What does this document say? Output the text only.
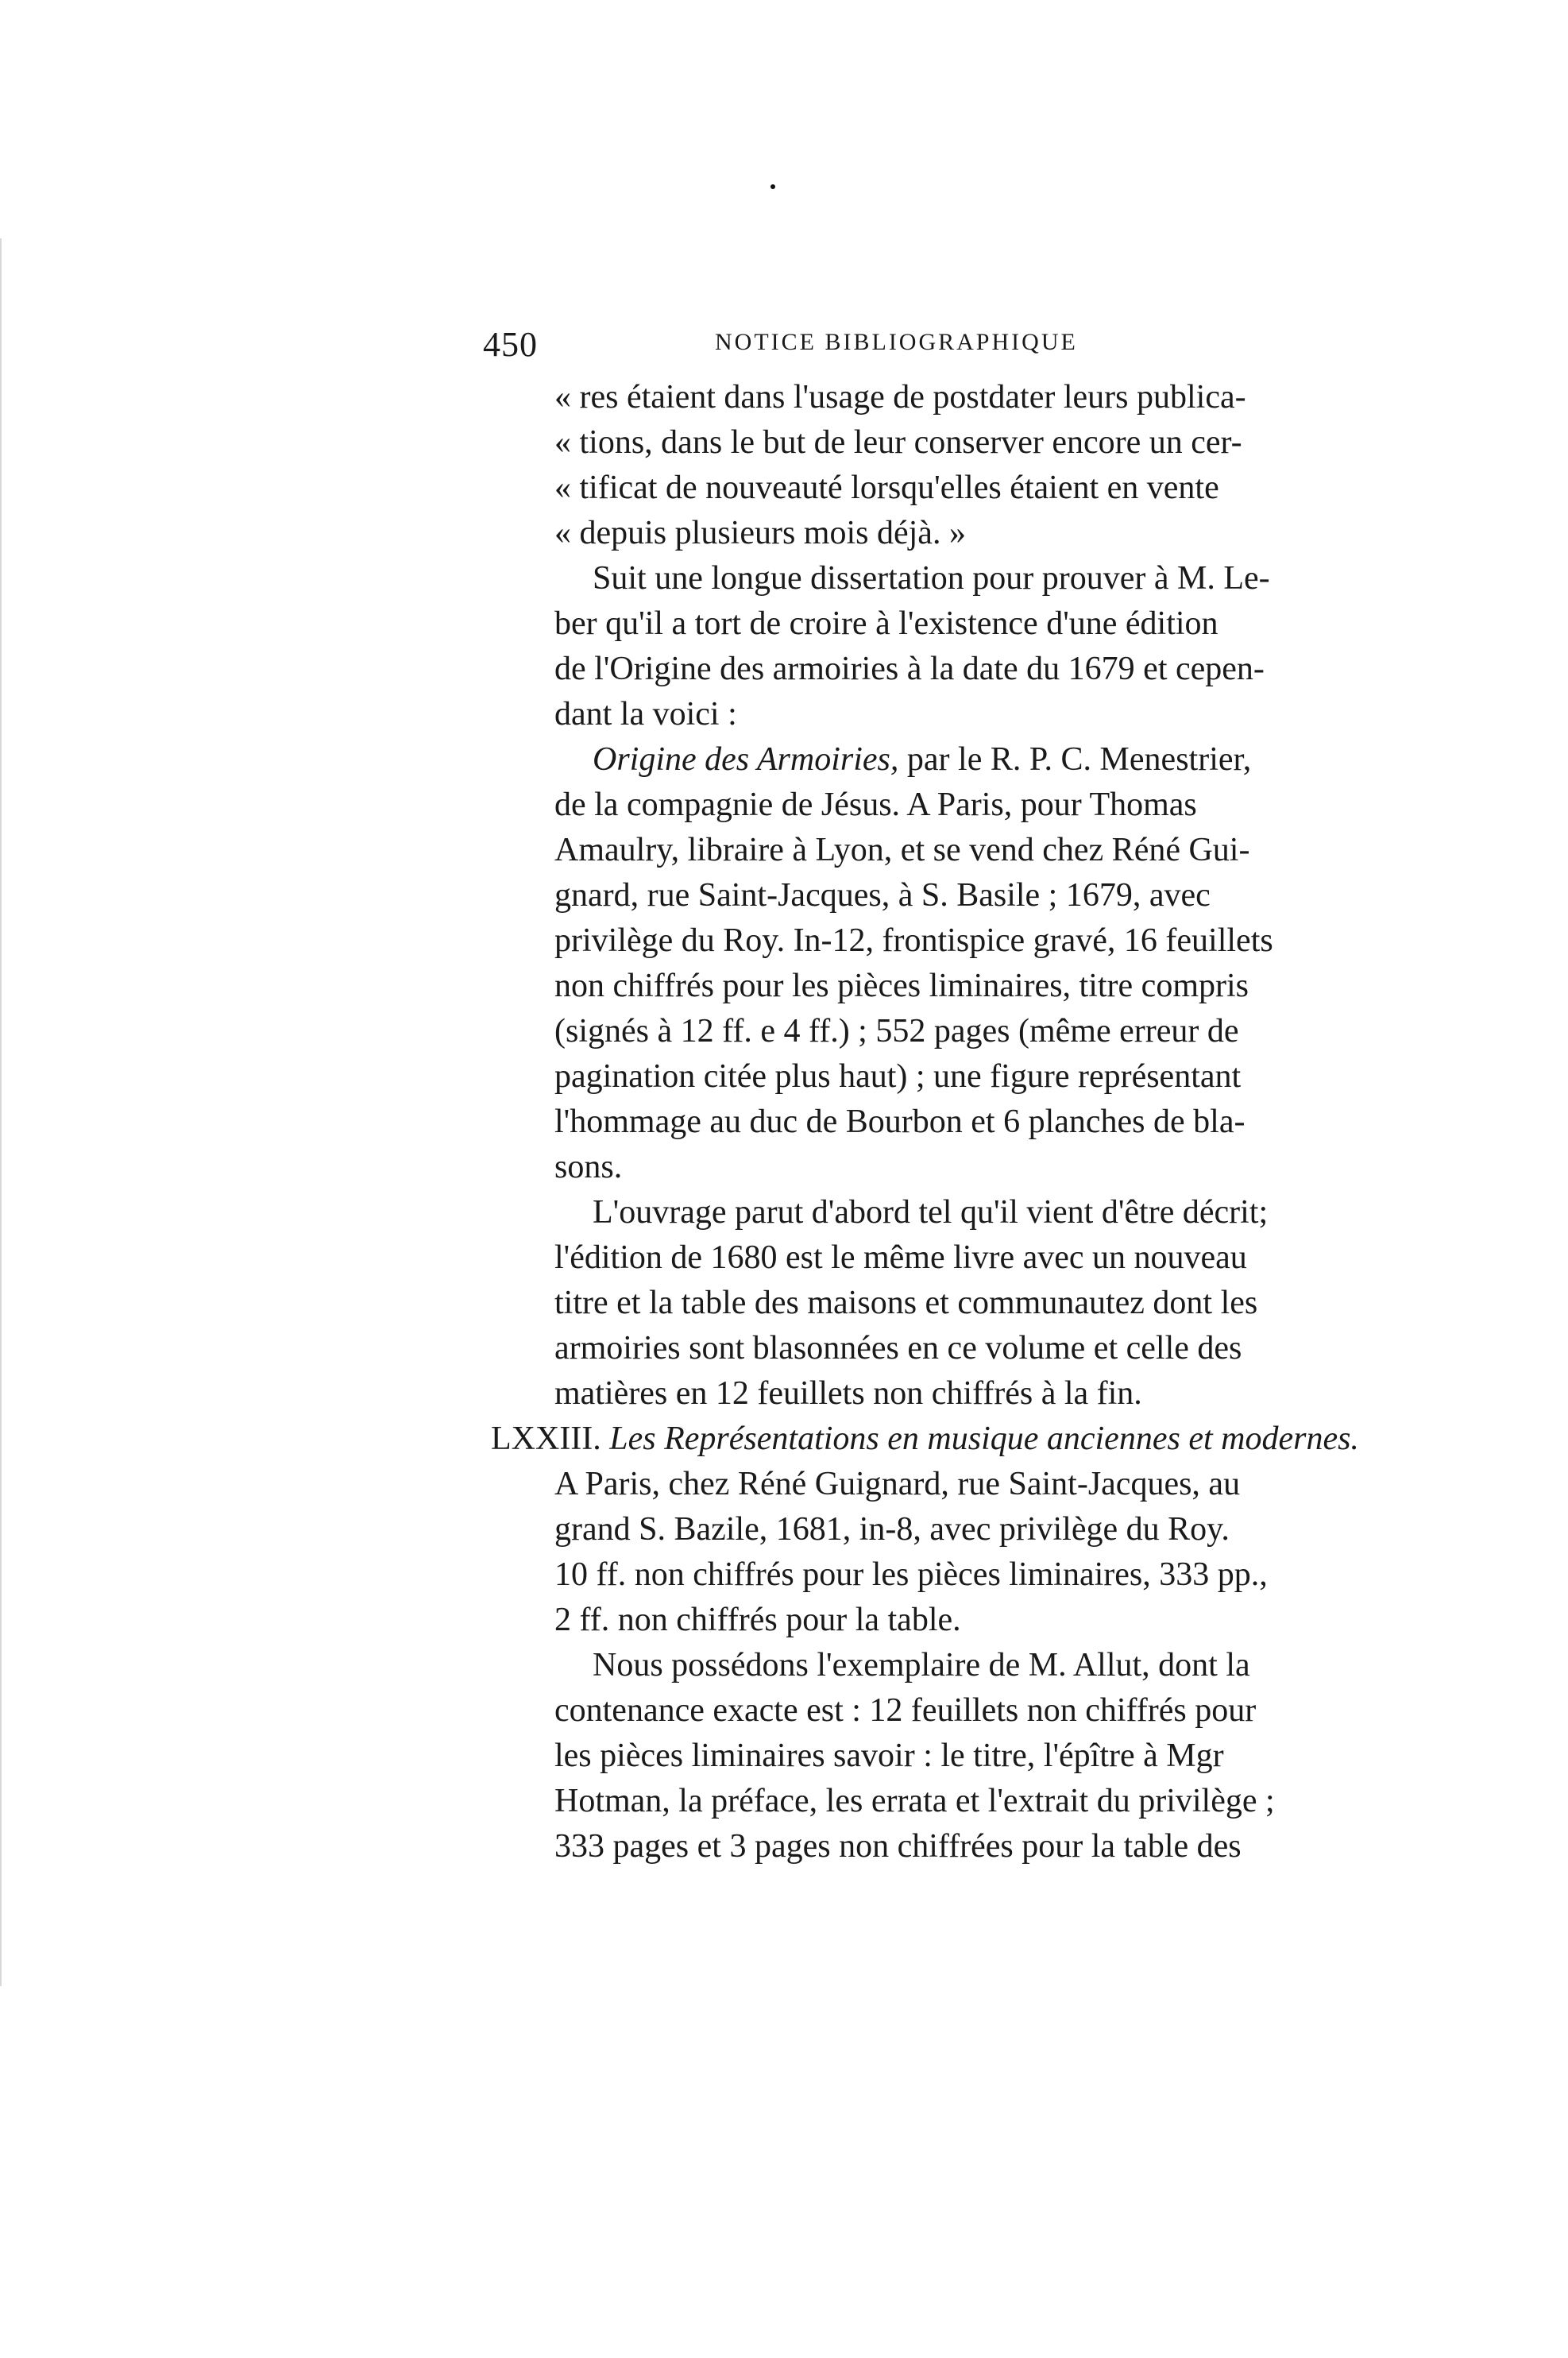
450	NOTICE BIBLIOGRAPHIQUE
« res étaient dans l'usage de postdater leurs publica-
« tions, dans le but de leur conserver encore un cer-
« tificat de nouveauté lorsqu'elles étaient en vente
« depuis plusieurs mois déjà. »
Suit une longue dissertation pour prouver à M. Le-
ber qu'il a tort de croire à l'existence d'une édition
de l'Origine des armoiries à la date du 1679 et cepen-
dant la voici :
Origine des Armoiries, par le R. P. C. Menestrier,
de la compagnie de Jésus. A Paris, pour Thomas
Amaulry, libraire à Lyon, et se vend chez Réné Gui-
gnard, rue Saint-Jacques, à S. Basile ; 1679, avec
privilège du Roy. In-12, frontispice gravé, 16 feuillets
non chiffrés pour les pièces liminaires, titre compris
(signés à 12 ff. e 4 ff.) ; 552 pages (même erreur de
pagination citée plus haut) ; une figure représentant
l'hommage au duc de Bourbon et 6 planches de bla-
sons.
L'ouvrage parut d'abord tel qu'il vient d'être décrit;
l'édition de 1680 est le même livre avec un nouveau
titre et la table des maisons et communautez dont les
armoiries sont blasonnées en ce volume et celle des
matières en 12 feuillets non chiffrés à la fin.
LXXIII. Les Représentations en musique anciennes et modernes.
A Paris, chez Réné Guignard, rue Saint-Jacques, au
grand S. Bazile, 1681, in-8, avec privilège du Roy.
10 ff. non chiffrés pour les pièces liminaires, 333 pp.,
2 ff. non chiffrés pour la table.
Nous possédons l'exemplaire de M. Allut, dont la
contenance exacte est : 12 feuillets non chiffrés pour
les pièces liminaires savoir : le titre, l'épître à Mgr
Hotman, la préface, les errata et l'extrait du privilège ;
333 pages et 3 pages non chiffrées pour la table des
